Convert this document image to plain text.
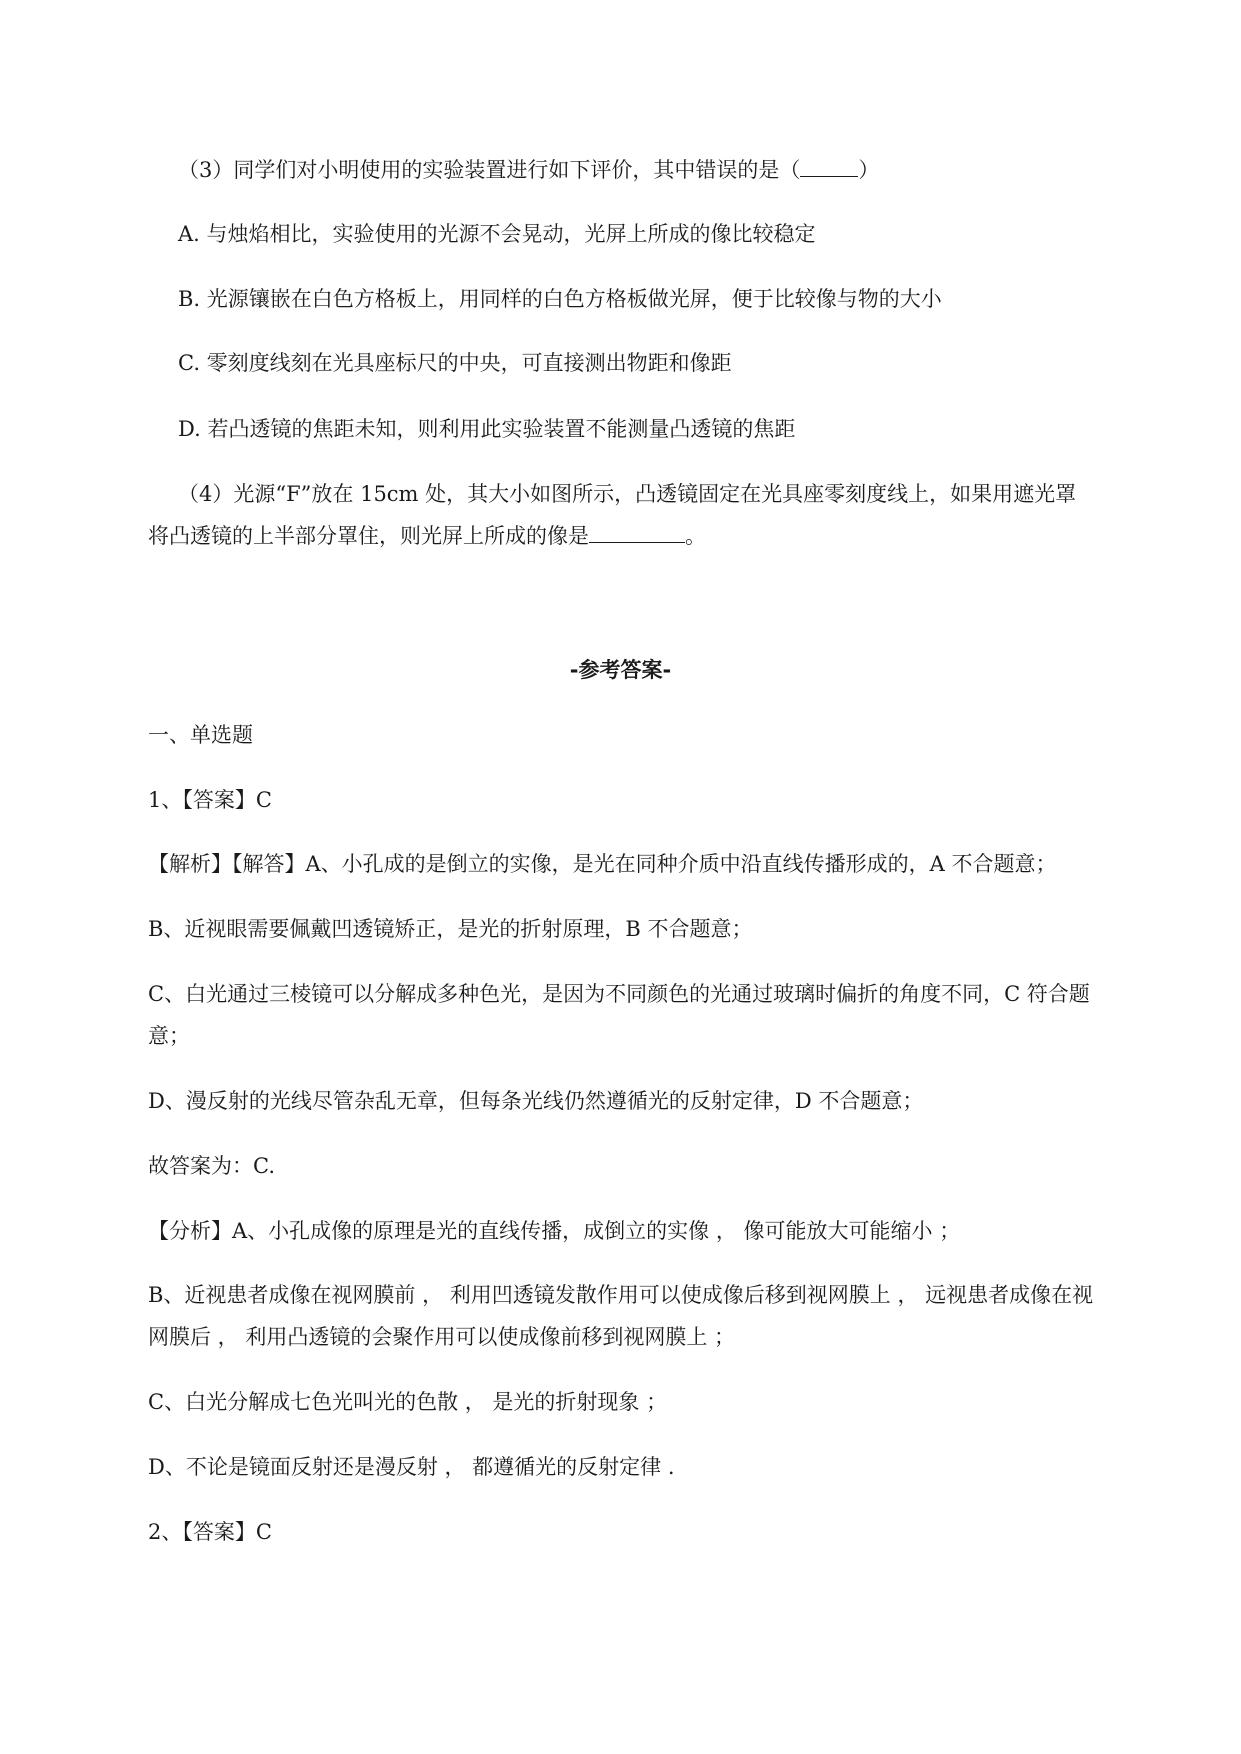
（3）同学们对小明使用的实验装置进行如下评价，其中错误的是（	）
A. 与烛焰相比，实验使用的光源不会晃动，光屏上所成的像比较稳定
B. 光源镶嵌在白色方格板上，用同样的白色方格板做光屏，便于比较像与物的大小
C. 零刻度线刻在光具座标尺的中央，可直接测出物距和像距
D. 若凸透镜的焦距未知，则利用此实验装置不能测量凸透镜的焦距
（4）光源“F”放在 15cm 处，其大小如图所示，凸透镜固定在光具座零刻度线上，如果用遮光罩
将凸透镜的上半部分罩住，则光屏上所成的像是	。
-参考答案-
一、单选题
1、【答案】C
【解析】【解答】A、小孔成的是倒立的实像，是光在同种介质中沿直线传播形成的，A 不合题意；
B、近视眼需要佩戴凹透镜矫正，是光的折射原理，B 不合题意；
C、白光通过三棱镜可以分解成多种色光，是因为不同颜色的光通过玻璃时偏折的角度不同，C 符合题
意；
D、漫反射的光线尽管杂乱无章，但每条光线仍然遵循光的反射定律，D 不合题意；
故答案为：C.
【分析】A、小孔成像的原理是光的直线传播，成倒立的实像 ， 像可能放大可能缩小 ；
B、近视患者成像在视网膜前 ， 利用凹透镜发散作用可以使成像后移到视网膜上 ， 远视患者成像在视
网膜后 ， 利用凸透镜的会聚作用可以使成像前移到视网膜上 ；
C、白光分解成七色光叫光的色散 ， 是光的折射现象 ；
D、不论是镜面反射还是漫反射 ， 都遵循光的反射定律 .
2、【答案】C
